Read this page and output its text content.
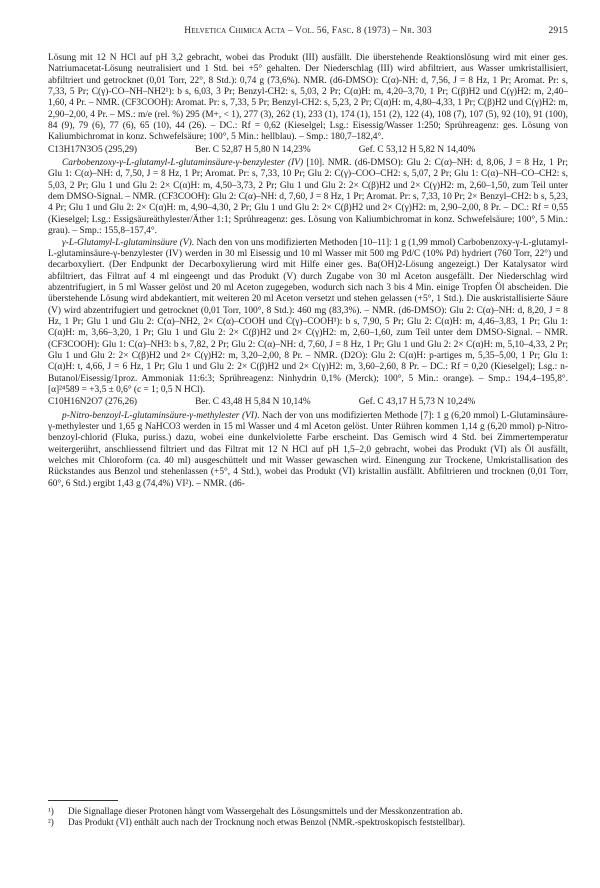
Helvetica Chimica Acta – Vol. 56, Fasc. 8 (1973) – Nr. 303	2915

Lösung mit 12 N HCl auf pH 3,2 gebracht, wobei das Produkt (III) ausfällt. Die überstehende Reaktionslösung wird mit einer ges. Natriumacetat-Lösung neutralisiert und 1 Std. bei +5° gehalten. Der Niederschlag (III) wird abfiltriert, aus Wasser umkristallisiert, abfiltriert und getrocknet (0,01 Torr, 22°, 8 Std.): 0,74 g (73,6%). NMR. (d6-DMSO): C(α)-NH: d, 7,56, J = 8 Hz, 1 Pr; Aromat. Pr: s, 7,33, 5 Pr; C(γ)-CO–NH–NH2¹): b s, 6,03, 3 Pr; Benzyl-CH2: s, 5,03, 2 Pr; C(α)H: m, 4,20–3,70, 1 Pr; C(β)H2 und C(γ)H2: m, 2,40–1,60, 4 Pr. – NMR. (CF3COOH): Aromat. Pr: s, 7,33, 5 Pr; Benzyl-CH2: s, 5,23, 2 Pr; C(α)H: m, 4,80–4,33, 1 Pr; C(β)H2 und C(γ)H2: m, 2,90–2,00, 4 Pr. – MS.: m/e (rel. %) 295 (M+, < 1), 277 (3), 262 (1), 233 (1), 174 (1), 151 (2), 122 (4), 108 (7), 107 (5), 92 (10), 91 (100), 84 (9), 79 (6), 77 (6), 65 (10), 44 (26). – DC.: Rf = 0,62 (Kieselgel; Lsg.: Eisessig/Wasser 1:250; Sprühreagenz: ges. Lösung von Kaliumbichromat in konz. Schwefelsäure; 100°, 5 Min.: hellblau). – Smp.: 180,7–182,4°.

C13H17N3O5 (295,29)	Ber. C 52,87 H 5,80 N 14,23%	Gef. C 53,12 H 5,82 N 14,40%

Carbobenzoxy-γ-L-glutamyl-L-glutaminsäure-γ-benzylester (IV) [10]. NMR. (d6-DMSO): Glu 2: C(α)–NH: d, 8,06, J = 8 Hz, 1 Pr; Glu 1: C(α)–NH: d, 7,50, J = 8 Hz, 1 Pr; Aromat. Pr: s, 7,33, 10 Pr; Glu 2: C(γ)–COO–CH2: s, 5,07, 2 Pr; Glu 1: C(α)–NH–CO–CH2: s, 5,03, 2 Pr; Glu 1 und Glu 2: 2× C(α)H: m, 4,50–3,73, 2 Pr; Glu 1 und Glu 2: 2× C(β)H2 und 2× C(γ)H2: m, 2,60–1,50, zum Teil unter dem DMSO-Signal. – NMR. (CF3COOH): Glu 2: C(α)–NH: d, 7,60, J = 8 Hz, 1 Pr; Aromat. Pr: s, 7,33, 10 Pr; 2× Benzyl–CH2: b s, 5,23, 4 Pr; Glu 1 und Glu 2: 2× C(α)H: m, 4,90–4,30, 2 Pr; Glu 1 und Glu 2: 2× C(β)H2 und 2× C(γ)H2: m, 2,90–2,00, 8 Pr. – DC.: Rf = 0,55 (Kieselgel; Lsg.: Essigsäureäthylester/Äther 1:1; Sprühreagenz: ges. Lösung von Kaliumbichromat in konz. Schwefelsäure; 100°, 5 Min.: grau). – Smp.: 155,8–157,4°.

γ-L-Glutamyl-L-glutaminsäure (V). Nach den von uns modifizierten Methoden [10–11]: 1 g (1,99 mmol) Carbobenzoxy-γ-L-glutamyl-L-glutaminsäure-γ-benzylester (IV) werden in 30 ml Eisessig und 10 ml Wasser mit 500 mg Pd/C (10% Pd) hydriert (760 Torr, 22°) und decarboxyliert. (Der Endpunkt der Decarboxylierung wird mit Hilfe einer ges. Ba(OH)2-Lösung angezeigt.) Der Katalysator wird abfiltriert, das Filtrat auf 4 ml eingeengt und das Produkt (V) durch Zugabe von 30 ml Aceton ausgefällt. Der Niederschlag wird abzentrifugiert, in 5 ml Wasser gelöst und 20 ml Aceton zugegeben, wodurch sich nach 3 bis 4 Min. einige Tropfen Öl abscheiden. Die überstehende Lösung wird abdekantiert, mit weiteren 20 ml Aceton versetzt und stehen gelassen (+5°, 1 Std.). Die auskristallisierte Säure (V) wird abzentrifugiert und getrocknet (0,01 Torr, 100°, 8 Std.): 460 mg (83,3%). – NMR. (d6-DMSO): Glu 2: C(α)–NH: d, 8,20, J = 8 Hz, 1 Pr; Glu 1 und Glu 2: C(α)–NH2, 2× C(α)–COOH und C(γ)–COOH¹): b s, 7,90, 5 Pr; Glu 2: C(α)H: m, 4,46–3,83, 1 Pr; Glu 1: C(α)H: m, 3,66–3,20, 1 Pr; Glu 1 und Glu 2: 2× C(β)H2 und 2× C(γ)H2: m, 2,60–1,60, zum Teil unter dem DMSO-Signal. – NMR. (CF3COOH): Glu 1: C(α)–NH3: b s, 7,82, 2 Pr; Glu 2: C(α)–NH: d, 7,60, J = 8 Hz, 1 Pr; Glu 1 und Glu 2: 2× C(α)H: m, 5,10–4,33, 2 Pr; Glu 1 und Glu 2: 2× C(β)H2 und 2× C(γ)H2: m, 3,20–2,00, 8 Pr. – NMR. (D2O): Glu 2: C(α)H: p-artiges m, 5,35–5,00, 1 Pr; Glu 1: C(α)H: t, 4,66, J = 6 Hz, 1 Pr; Glu 1 und Glu 2: 2× C(β)H2 und 2× C(γ)H2: m, 3,60–2,60, 8 Pr. – DC.: Rf = 0,20 (Kieselgel); Lsg.: n-Butanol/Eisessig/1proz. Ammoniak 11:6:3; Sprühreagenz: Ninhydrin 0,1% (Merck); 100°, 5 Min.: orange). – Smp.: 194,4–195,8°. [α]²⁴589 = +3,5 ± 0,6° (c = 1; 0,5 N HCl).

C10H16N2O7 (276,26)	Ber. C 43,48 H 5,84 N 10,14%	Gef. C 43,17 H 5,73 N 10,24%

p-Nitro-benzoyl-L-glutaminsäure-γ-methylester (VI). Nach der von uns modifizierten Methode [7]: 1 g (6,20 mmol) L-Glutaminsäure-γ-methylester und 1,65 g NaHCO3 werden in 15 ml Wasser und 4 ml Aceton gelöst. Unter Rühren kommen 1,14 g (6,20 mmol) p-Nitro-benzoyl-chlorid (Fluka, puriss.) dazu, wobei eine dunkelviolette Farbe erscheint. Das Gemisch wird 4 Std. bei Zimmertemperatur weitergerührt, anschliessend filtriert und das Filtrat mit 12 N HCl auf pH 1,5–2,0 gebracht, wobei das Produkt (VI) als Öl ausfällt, welches mit Chloroform (ca. 40 ml) ausgeschüttelt und mit Wasser gewaschen wird. Einengung zur Trockene, Umkristallisation des Rückstandes aus Benzol und stehenlassen (+5°, 4 Std.), wobei das Produkt (VI) kristallin ausfällt. Abfiltrieren und trocknen (0,01 Torr, 60°, 6 Std.) ergibt 1,43 g (74,4%) VI²). – NMR. (d6-

¹)	Die Signallage dieser Protonen hängt vom Wassergehalt des Lösungsmittels und der Messkonzentration ab.
²)	Das Produkt (VI) enthält auch nach der Trocknung noch etwas Benzol (NMR.-spektroskopisch feststellbar).
